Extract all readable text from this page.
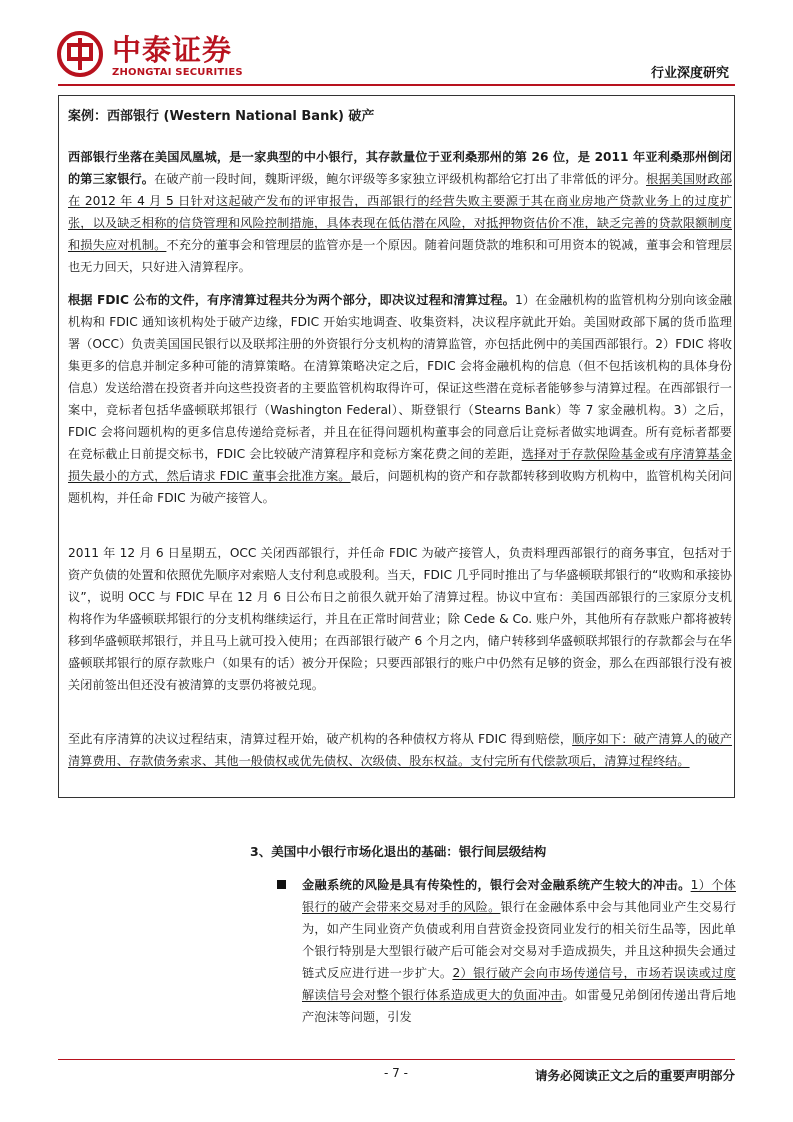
中泰证券
ZHONGTAI SECURITIES	行业深度研究
案例：西部银行 (Western National Bank) 破产
西部银行坐落在美国凤凰城，是一家典型的中小银行，其存款量位于亚利桑那州的第 26 位，是 2011 年亚利桑那州倒闭的第三家银行。在破产前一段时间，魏斯评级，鲍尔评级等多家独立评级机构都给它打出了非常低的评分。根据美国财政部在 2012 年 4 月 5 日针对这起破产发布的评审报告，西部银行的经营失败主要源于其在商业房地产贷款业务上的过度扩张，以及缺乏相称的信贷管理和风险控制措施，具体表现在低估潜在风险，对抵押物资估价不准，缺乏完善的贷款限额制度和损失应对机制。不充分的董事会和管理层的监管亦是一个原因。随着问题贷款的堆积和可用资本的锐减，董事会和管理层也无力回天，只好进入清算程序。
根据 FDIC 公布的文件，有序清算过程共分为两个部分，即决议过程和清算过程。1）在金融机构的监管机构分别向该金融机构和 FDIC 通知该机构处于破产边缘，FDIC 开始实地调查、收集资料，决议程序就此开始。美国财政部下属的货币监理署（OCC）负责美国国民银行以及联邦注册的外资银行分支机构的清算监管，亦包括此例中的美国西部银行。2）FDIC 将收集更多的信息并制定多种可能的清算策略。在清算策略决定之后，FDIC 会将金融机构的信息（但不包括该机构的具体身份信息）发送给潜在投资者并向这些投资者的主要监管机构取得许可，保证这些潜在竞标者能够参与清算过程。在西部银行一案中，竞标者包括华盛顿联邦银行（Washington Federal）、斯登银行（Stearns Bank）等 7 家金融机构。3）之后，FDIC 会将问题机构的更多信息传递给竞标者，并且在征得问题机构董事会的同意后让竞标者做实地调查。所有竞标者都要在竞标截止日前提交标书，FDIC 会比较破产清算程序和竞标方案花费之间的差距，选择对于存款保险基金或有序清算基金损失最小的方式，然后请求 FDIC 董事会批准方案。最后，问题机构的资产和存款都转移到收购方机构中，监管机构关闭问题机构，并任命 FDIC 为破产接管人。
2011 年 12 月 6 日星期五，OCC 关闭西部银行，并任命 FDIC 为破产接管人，负责料理西部银行的商务事宜，包括对于资产负债的处置和依照优先顺序对索赔人支付利息或股利。当天，FDIC 几乎同时推出了与华盛顿联邦银行的“收购和承接协议”，说明 OCC 与 FDIC 早在 12 月 6 日公布日之前很久就开始了清算过程。协议中宣布：美国西部银行的三家原分支机构将作为华盛顿联邦银行的分支机构继续运行，并且在正常时间营业；除 Cede & Co. 账户外，其他所有存款账户都将被转移到华盛顿联邦银行，并且马上就可投入使用；在西部银行破产 6 个月之内，储户转移到华盛顿联邦银行的存款都会与在华盛顿联邦银行的原存款账户（如果有的话）被分开保险；只要西部银行的账户中仍然有足够的资金，那么在西部银行没有被关闭前签出但还没有被清算的支票仍将被兑现。
至此有序清算的决议过程结束，清算过程开始，破产机构的各种债权方将从 FDIC 得到赔偿，顺序如下：破产清算人的破产清算费用、存款债务索求、其他一般债权或优先债权、次级债、股东权益。支付完所有代偿款项后，清算过程终结。
3、美国中小银行市场化退出的基础：银行间层级结构
金融系统的风险是具有传染性的，银行会对金融系统产生较大的冲击。1）个体银行的破产会带来交易对手的风险。银行在金融体系中会与其他同业产生交易行为，如产生同业资产负债或利用自营资金投资同业发行的相关衍生品等，因此单个银行特别是大型银行破产后可能会对交易对手造成损失，并且这种损失会通过链式反应进行进一步扩大。2）银行破产会向市场传递信号，市场若误读或过度解读信号会对整个银行体系造成更大的负面冲击。如雷曼兄弟倒闭传递出背后地产泡沫等问题，引发
- 7 -	请务必阅读正文之后的重要声明部分
